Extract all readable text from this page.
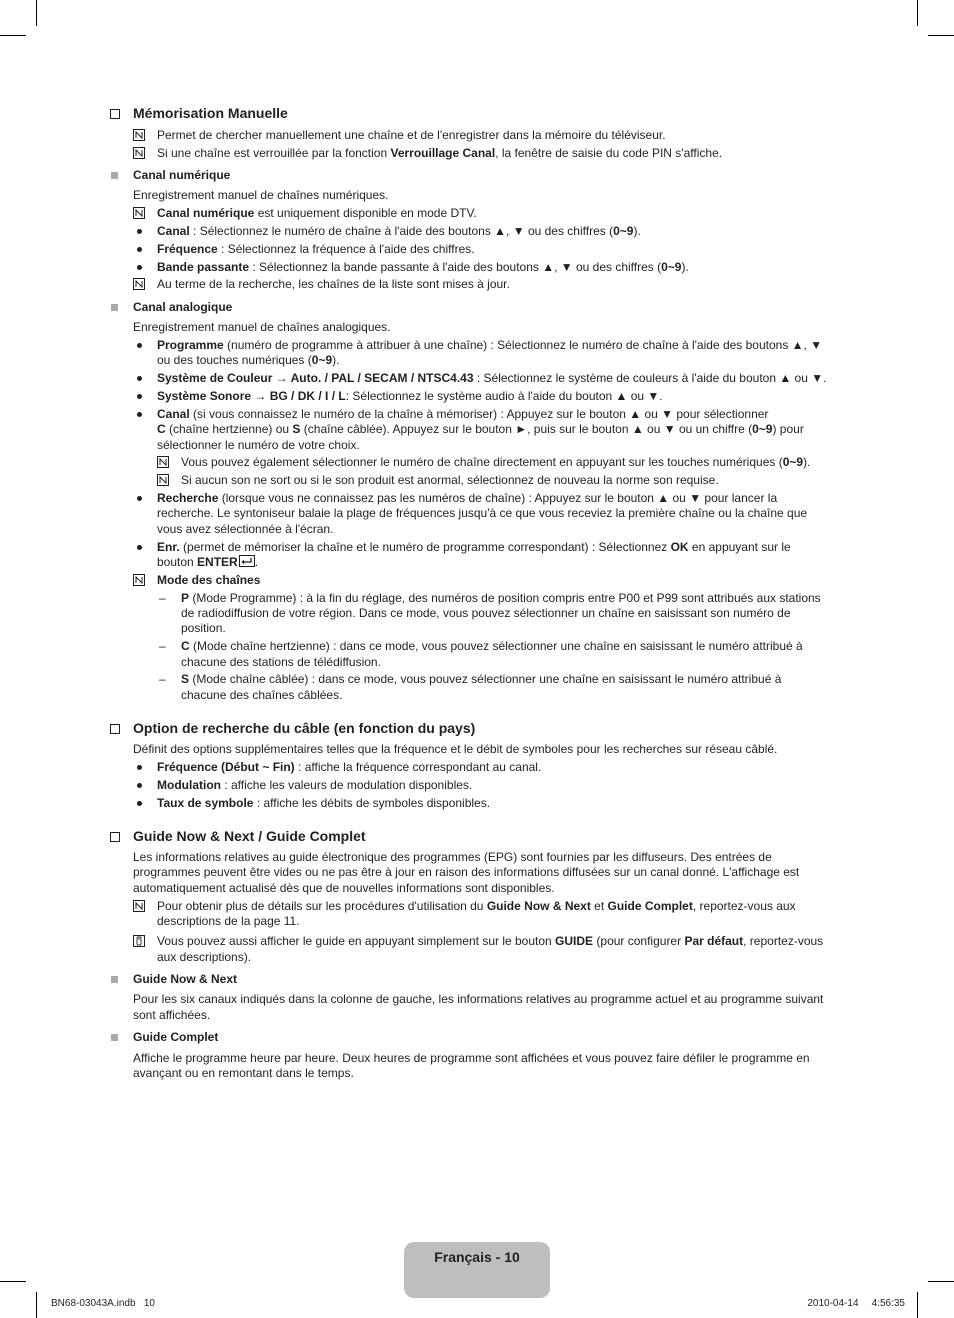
Mémorisation Manuelle
Permet de chercher manuellement une chaîne et de l'enregistrer dans la mémoire du téléviseur.
Si une chaîne est verrouillée par la fonction Verrouillage Canal, la fenêtre de saisie du code PIN s'affiche.
Canal numérique
Enregistrement manuel de chaînes numériques.
Canal numérique est uniquement disponible en mode DTV.
Canal : Sélectionnez le numéro de chaîne à l'aide des boutons ▲, ▼ ou des chiffres (0~9).
Fréquence : Sélectionnez la fréquence à l'aide des chiffres.
Bande passante : Sélectionnez la bande passante à l'aide des boutons ▲, ▼ ou des chiffres (0~9).
Au terme de la recherche, les chaînes de la liste sont mises à jour.
Canal analogique
Enregistrement manuel de chaînes analogiques.
Programme (numéro de programme à attribuer à une chaîne) : Sélectionnez le numéro de chaîne à l'aide des boutons ▲, ▼
ou des touches numériques (0~9).
Système de Couleur → Auto. / PAL / SECAM / NTSC4.43 : Sélectionnez le système de couleurs à l'aide du bouton ▲ ou ▼.
Système Sonore → BG / DK / I / L: Sélectionnez le système audio à l'aide du bouton ▲ ou ▼.
Canal (si vous connaissez le numéro de la chaîne à mémoriser) : Appuyez sur le bouton ▲ ou ▼ pour sélectionner
C (chaîne hertzienne) ou S (chaîne câblée). Appuyez sur le bouton ►, puis sur le bouton ▲ ou ▼ ou un chiffre (0~9) pour
sélectionner le numéro de votre choix.
Vous pouvez également sélectionner le numéro de chaîne directement en appuyant sur les touches numériques (0~9).
Si aucun son ne sort ou si le son produit est anormal, sélectionnez de nouveau la norme son requise.
Recherche (lorsque vous ne connaissez pas les numéros de chaîne) : Appuyez sur le bouton ▲ ou ▼ pour lancer la
recherche. Le syntoniseur balaie la plage de fréquences jusqu'à ce que vous receviez la première chaîne ou la chaîne que
vous avez sélectionnée à l'écran.
Enr. (permet de mémoriser la chaîne et le numéro de programme correspondant) : Sélectionnez OK en appuyant sur le
bouton ENTER .
Mode des chaînes
– P (Mode Programme) : à la fin du réglage, des numéros de position compris entre P00 et P99 sont attribués aux stations
de radiodiffusion de votre région. Dans ce mode, vous pouvez sélectionner un chaîne en saisissant son numéro de
position.
– C (Mode chaîne hertzienne) : dans ce mode, vous pouvez sélectionner une chaîne en saisissant le numéro attribué à
chacune des stations de télédiffusion.
– S (Mode chaîne câblée) : dans ce mode, vous pouvez sélectionner une chaîne en saisissant le numéro attribué à
chacune des chaînes câblées.
Option de recherche du câble (en fonction du pays)
Définit des options supplémentaires telles que la fréquence et le débit de symboles pour les recherches sur réseau câblé.
Fréquence (Début ~ Fin) : affiche la fréquence correspondant au canal.
Modulation : affiche les valeurs de modulation disponibles.
Taux de symbole : affiche les débits de symboles disponibles.
Guide Now & Next / Guide Complet
Les informations relatives au guide électronique des programmes (EPG) sont fournies par les diffuseurs. Des entrées de
programmes peuvent être vides ou ne pas être à jour en raison des informations diffusées sur un canal donné. L'affichage est
automatiquement actualisé dès que de nouvelles informations sont disponibles.
Pour obtenir plus de détails sur les procédures d'utilisation du Guide Now & Next et Guide Complet, reportez-vous aux
descriptions de la page 11.
Vous pouvez aussi afficher le guide en appuyant simplement sur le bouton GUIDE (pour configurer Par défaut, reportez-vous
aux descriptions).
Guide Now & Next
Pour les six canaux indiqués dans la colonne de gauche, les informations relatives au programme actuel et au programme suivant
sont affichées.
Guide Complet
Affiche le programme heure par heure. Deux heures de programme sont affichées et vous pouvez faire défiler le programme en
avançant ou en remontant dans le temps.
Français - 10
BN68-03043A.indb   10	2010-04-14     4:56:35
